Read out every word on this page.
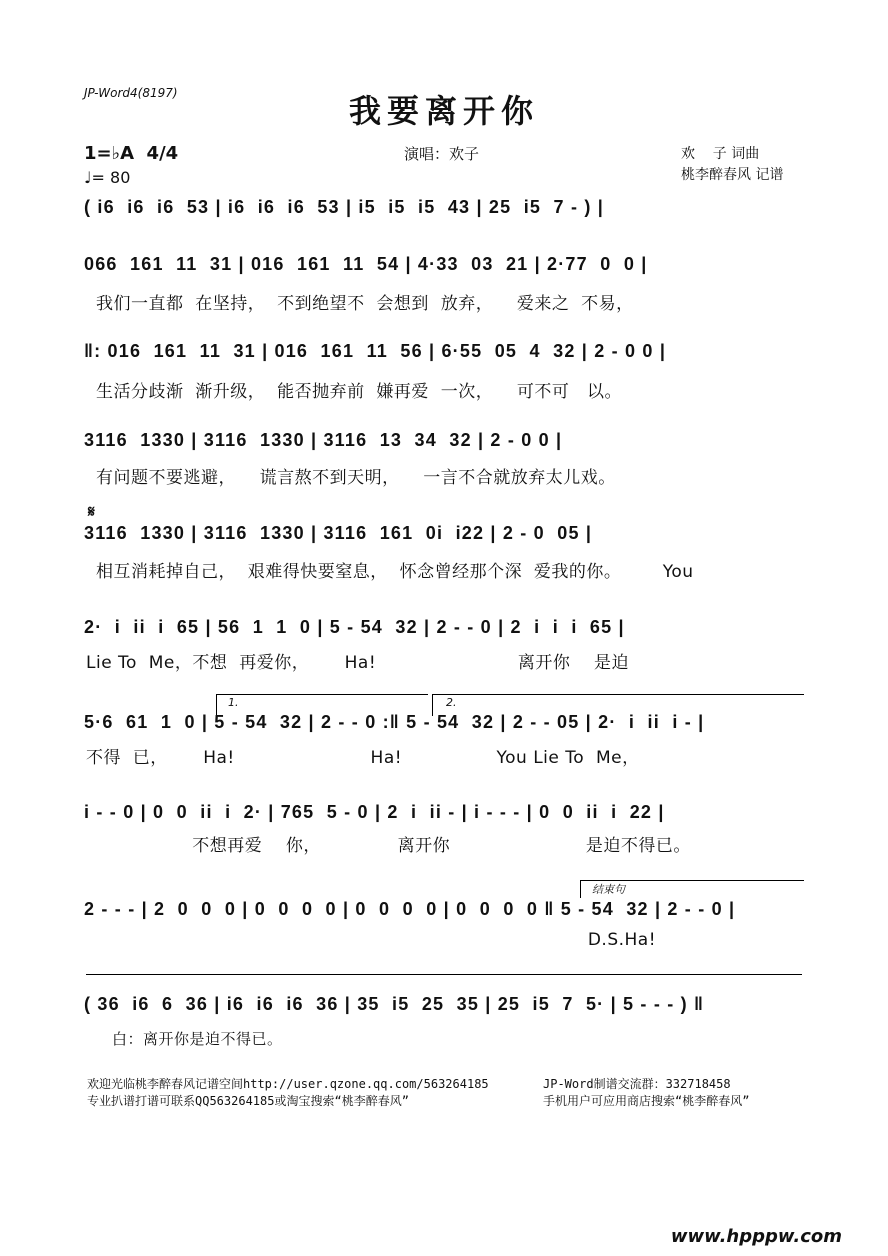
JP-Word4(8197)	我要离开你
1=♭A  4/4
♩= 80
演唱：欢子	欢    子 词曲
桃李醉春风 记谱

( i6  i6  i6  53 | i6  i6  i6  53 | i5  i5  i5  43 | 25  i5  7 - ) |

066  161  11  31 | 016  161  11  54 | 4·33  03  21 | 2·77  0  0 |

我们一直都  在坚持，  不到绝望不  会想到  放弃，    爱来之  不易，

‖: 016  161  11  31 | 016  161  11  56 | 6·55  05  4  32 | 2 - 0 0 |

生活分歧渐  渐升级，  能否抛弃前  嫌再爱  一次，    可不可   以。

3116  1330 | 3116  1330 | 3116  13  34  32 | 2 - 0 0 |

有问题不要逃避，    谎言熬不到天明，    一言不合就放弃太儿戏。
𝄋

3116  1330 | 3116  1330 | 3116  161  0i  i22 | 2 - 0  05 |

相互消耗掉自己，  艰难得快要窒息，  怀念曾经那个深  爱我的你。       You

2·  i  ii  i  65 | 56  1  1  0 | 5 - 54  32 | 2 - - 0 | 2  i  i  i  65 |

Lie To  Me，不想  再爱你，      Ha!                        离开你    是迫
1.	2.

5·6  61  1  0 | 5 - 54  32 | 2 - - 0 :‖ 5 - 54  32 | 2 - - 05 | 2·  i  ii  i - |

不得  已，      Ha!                       Ha!                You Lie To  Me，

i - - 0 | 0  0  ii  i  2· | 765  5 - 0 | 2  i  ii - | i - - - | 0  0  ii  i  22 |

不想再爱    你，             离开你                       是迫不得已。
结束句

2 - - - | 2  0  0  0 | 0  0  0  0 | 0  0  0  0 | 0  0  0  0 ‖ 5 - 54  32 | 2 - - 0 |

D.S.Ha!

( 36  i6  6  36 | i6  i6  i6  36 | 35  i5  25  35 | 25  i5  7  5· | 5 - - - ) ‖

白：离开你是迫不得已。
欢迎光临桃李醉春风记谱空间http://user.qzone.qq.com/563264185	JP-Word制谱交流群：332718458
专业扒谱打谱可联系QQ563264185或淘宝搜索“桃李醉春风”	手机用户可应用商店搜索“桃李醉春风”
www.hpppw.com
